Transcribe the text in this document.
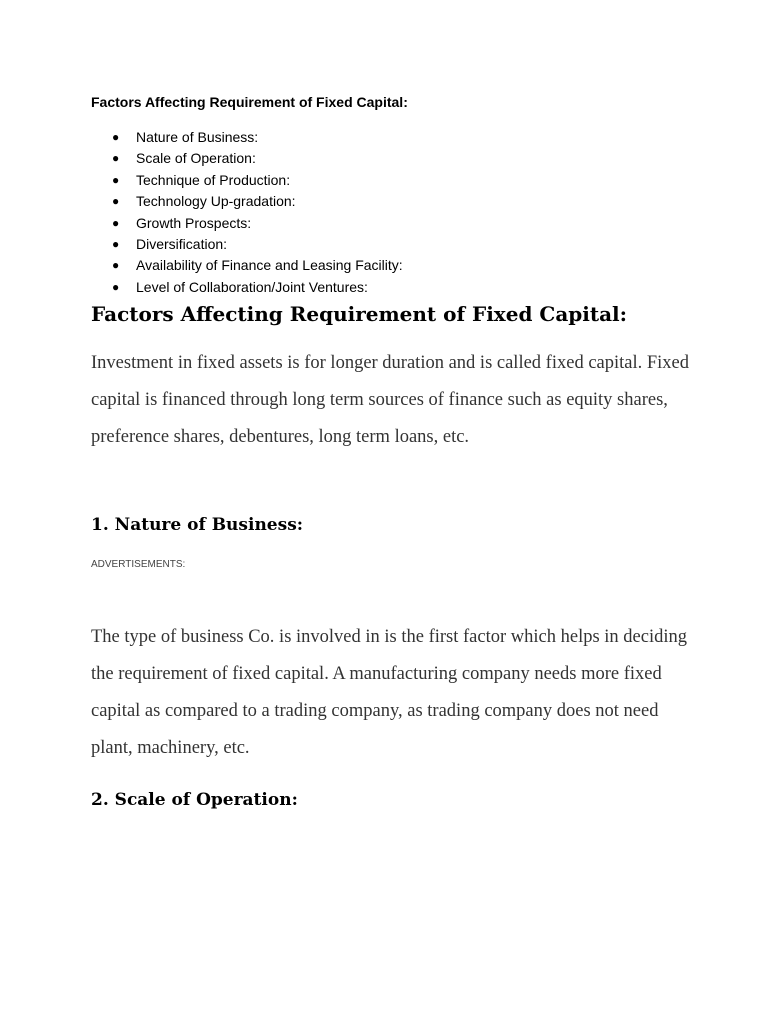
Factors Affecting Requirement of Fixed Capital:
● Nature of Business:
● Scale of Operation:
● Technique of Production:
● Technology Up-gradation:
● Growth Prospects:
● Diversification:
● Availability of Finance and Leasing Facility:
● Level of Collaboration/Joint Ventures:
Factors Affecting Requirement of Fixed Capital:

Investment in fixed assets is for longer duration and is called fixed capital. Fixed capital is financed through long term sources of finance such as equity shares, preference shares, debentures, long term loans, etc.

1. Nature of Business:

ADVERTISEMENTS:

The type of business Co. is involved in is the first factor which helps in deciding the requirement of fixed capital. A manufacturing company needs more fixed capital as compared to a trading company, as trading company does not need plant, machinery, etc.

2. Scale of Operation:
